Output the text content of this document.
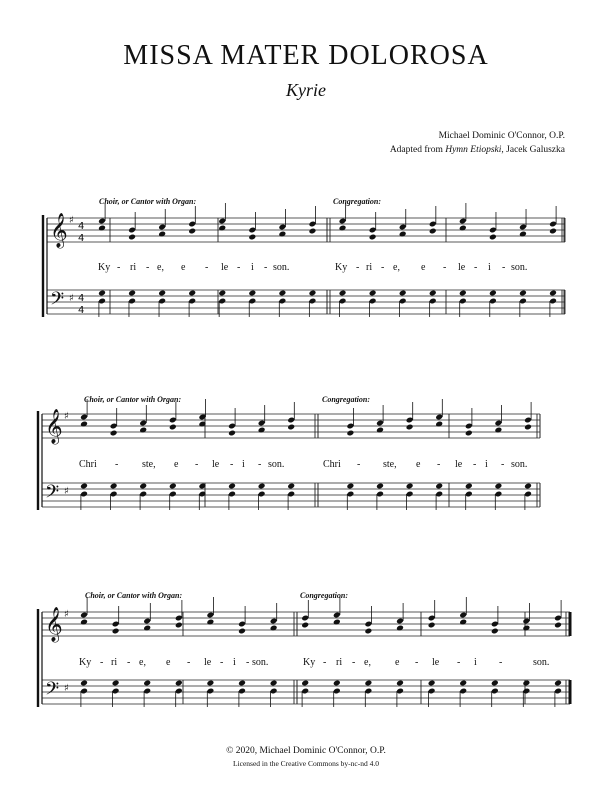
MISSA MATER DOLOROSA
Kyrie
Michael Dominic O'Connor, O.P.
Adapted from Hymn Etiopski, Jacek Galuszka
Choir, or Cantor with Organ:	Congregation:
Choir, or Cantor with Organ:	Congregation:
Choir, or Cantor with Organ:	Congregation:
Ky - ri - e, e - le - i - son.	Ky - ri - e, e - le - i - son.
Chri - ste, e - le - i - son.	Chri - ste, e - le - i - son.
Ky - ri - e, e - le - i - son.	Ky - ri - e, e - le - i -	son.
𝄞
𝄢
♯
♯
4
4
4
4
𝄞
𝄢
♯
♯
𝄞
𝄢
♯
♯
© 2020, Michael Dominic O'Connor, O.P.
Licensed in the Creative Commons by-nc-nd 4.0
